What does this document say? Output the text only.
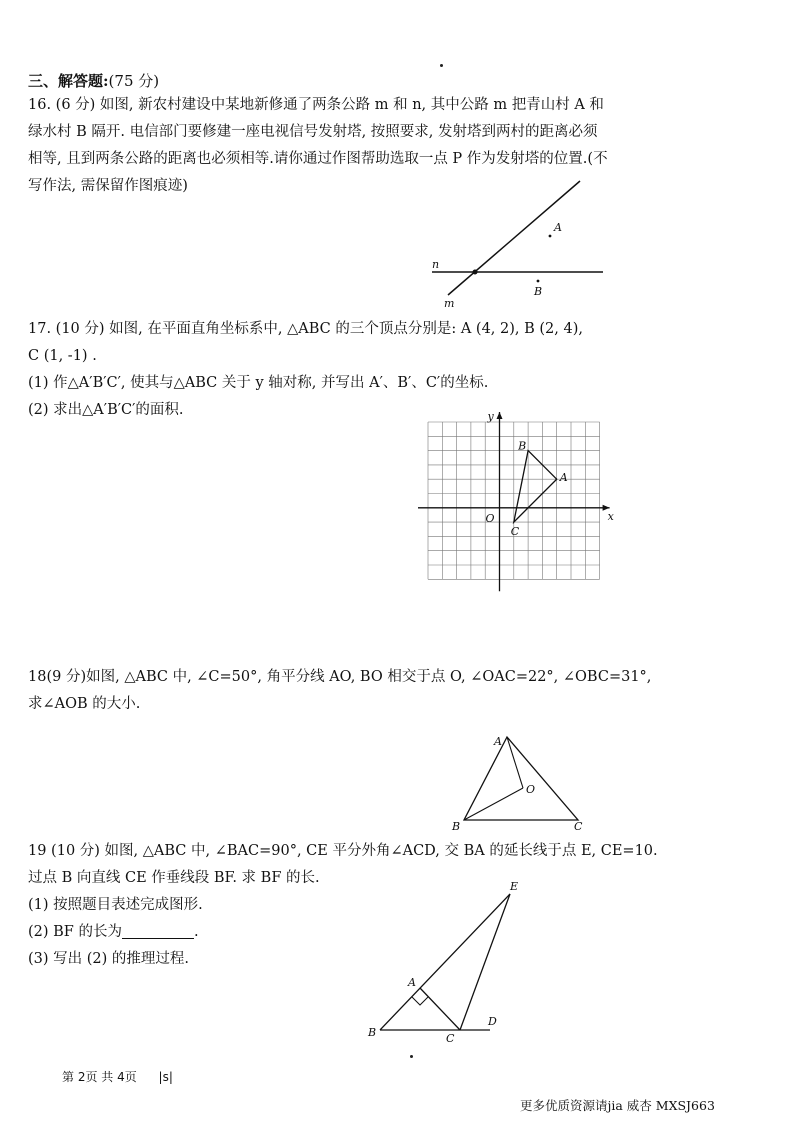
三、解答题:(75 分)
16. (6 分) 如图, 新农村建设中某地新修通了两条公路 m 和 n, 其中公路 m 把青山村 A 和
绿水村 B 隔开. 电信部门要修建一座电视信号发射塔, 按照要求, 发射塔到两村的距离必须
相等, 且到两条公路的距离也必须相等.请你通过作图帮助选取一点 P 作为发射塔的位置.(不
写作法, 需保留作图痕迹)
A
B
n
m
17. (10 分) 如图, 在平面直角坐标系中, △ABC 的三个顶点分别是: A (4, 2), B (2, 4),
C (1, -1) .
(1) 作△A′B′C′, 使其与△ABC 关于 y 轴对称, 并写出 A′、B′、C′的坐标.
(2) 求出△A′B′C′的面积.
x
y
O
A
B
C
18(9 分)如图, △ABC 中, ∠C=50°, 角平分线 AO, BO 相交于点 O, ∠OAC=22°, ∠OBC=31°,
求∠AOB 的大小.
A
B	C
O
19 (10 分) 如图, △ABC 中, ∠BAC=90°, CE 平分外角∠ACD, 交 BA 的延长线于点 E, CE=10.
过点 B 向直线 CE 作垂线段 BF. 求 BF 的长.
(1) 按照题目表述完成图形.
(2) BF 的长为	.
(3) 写出 (2) 的推理过程.
A
B	C
D
E
第 2页 共 4页 |s|
更多优质资源请jia 威杏 MXSJ663
